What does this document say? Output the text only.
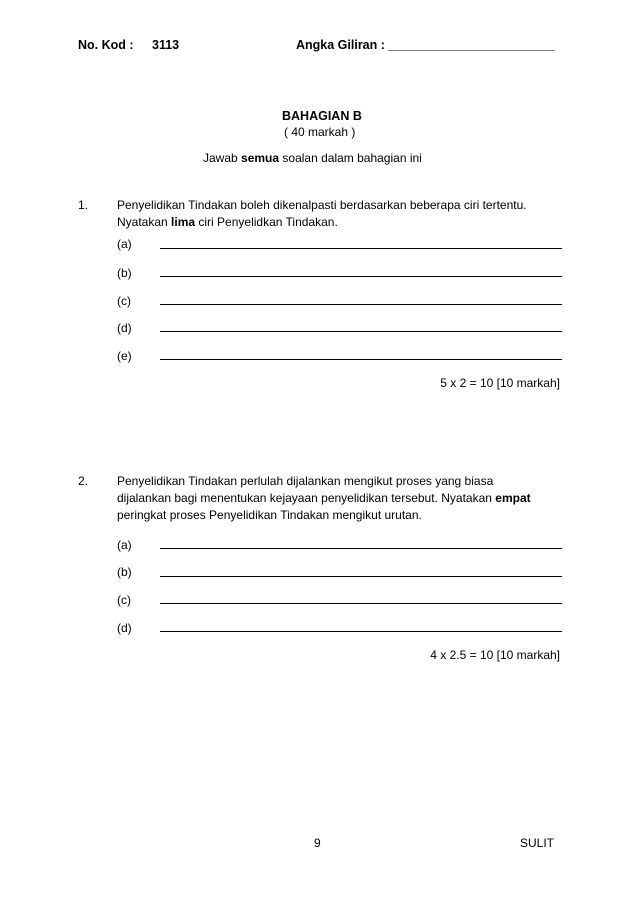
No. Kod : 3113	Angka Giliran : ________________________
BAHAGIAN B
( 40 markah )
Jawab semua soalan dalam bahagian ini
1. Penyelidikan Tindakan boleh dikenalpasti berdasarkan beberapa ciri tertentu.
Nyatakan lima ciri Penyelidkan Tindakan.
(a)
(b)
(c)
(d)
(e)
5 x 2 = 10 [10 markah]
2. Penyelidikan Tindakan perlulah dijalankan mengikut proses yang biasa
dijalankan bagi menentukan kejayaan penyelidikan tersebut. Nyatakan empat
peringkat proses Penyelidikan Tindakan mengikut urutan.
(a)
(b)
(c)
(d)
4 x 2.5 = 10 [10 markah]
9	SULIT
